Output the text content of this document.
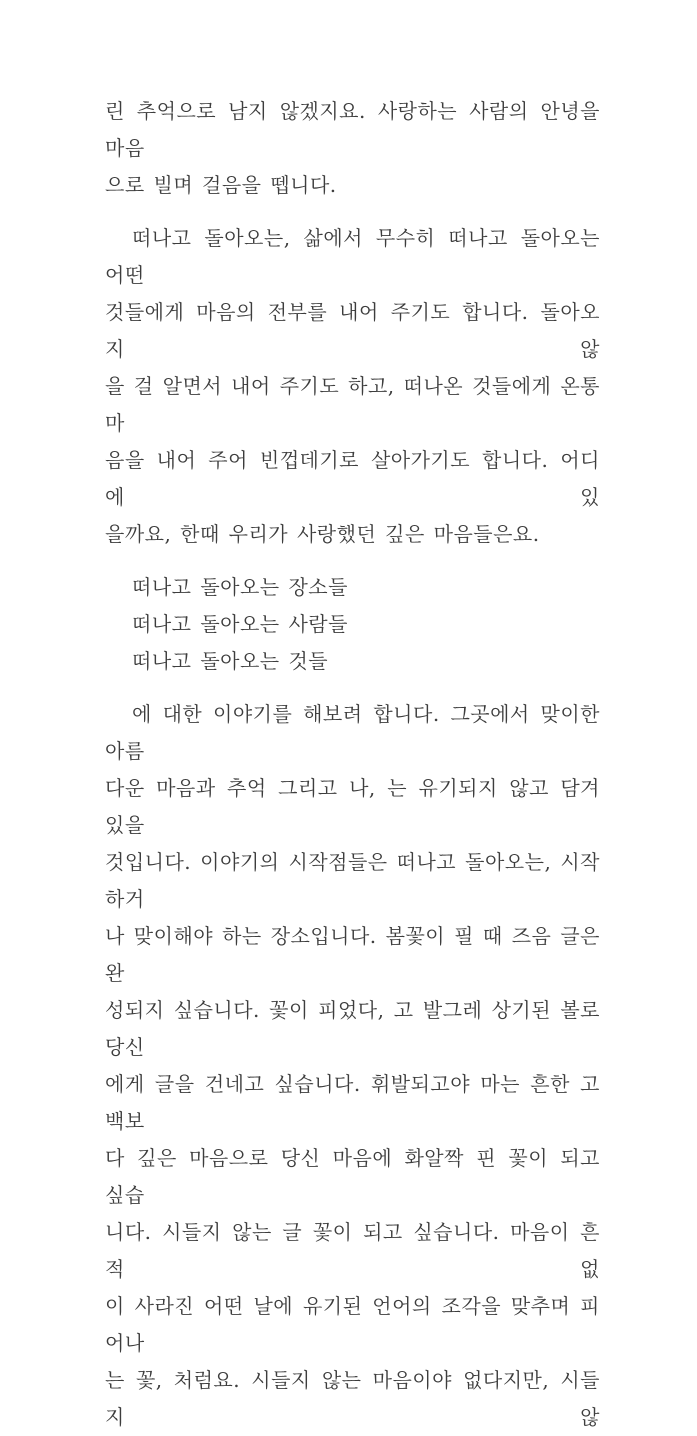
린 추억으로 남지 않겠지요. 사랑하는 사람의 안녕을 마음
으로 빌며 걸음을 뗍니다.
떠나고 돌아오는, 삶에서 무수히 떠나고 돌아오는 어떤
것들에게 마음의 전부를 내어 주기도 합니다. 돌아오지 않
을 걸 알면서 내어 주기도 하고, 떠나온 것들에게 온통 마
음을 내어 주어 빈껍데기로 살아가기도 합니다. 어디에 있
을까요, 한때 우리가 사랑했던 깊은 마음들은요.
떠나고 돌아오는 장소들
떠나고 돌아오는 사람들
떠나고 돌아오는 것들
에 대한 이야기를 해보려 합니다. 그곳에서 맞이한 아름
다운 마음과 추억 그리고 나, 는 유기되지 않고 담겨 있을
것입니다. 이야기의 시작점들은 떠나고 돌아오는, 시작하거
나 맞이해야 하는 장소입니다. 봄꽃이 필 때 즈음 글은 완
성되지 싶습니다. 꽃이 피었다, 고 발그레 상기된 볼로 당신
에게 글을 건네고 싶습니다. 휘발되고야 마는 흔한 고백보
다 깊은 마음으로 당신 마음에 화알짝 핀 꽃이 되고 싶습
니다. 시들지 않는 글 꽃이 되고 싶습니다. 마음이 흔적 없
이 사라진 어떤 날에 유기된 언어의 조각을 맞추며 피어나
는 꽃, 처럼요. 시들지 않는 마음이야 없다지만, 시들지 않
